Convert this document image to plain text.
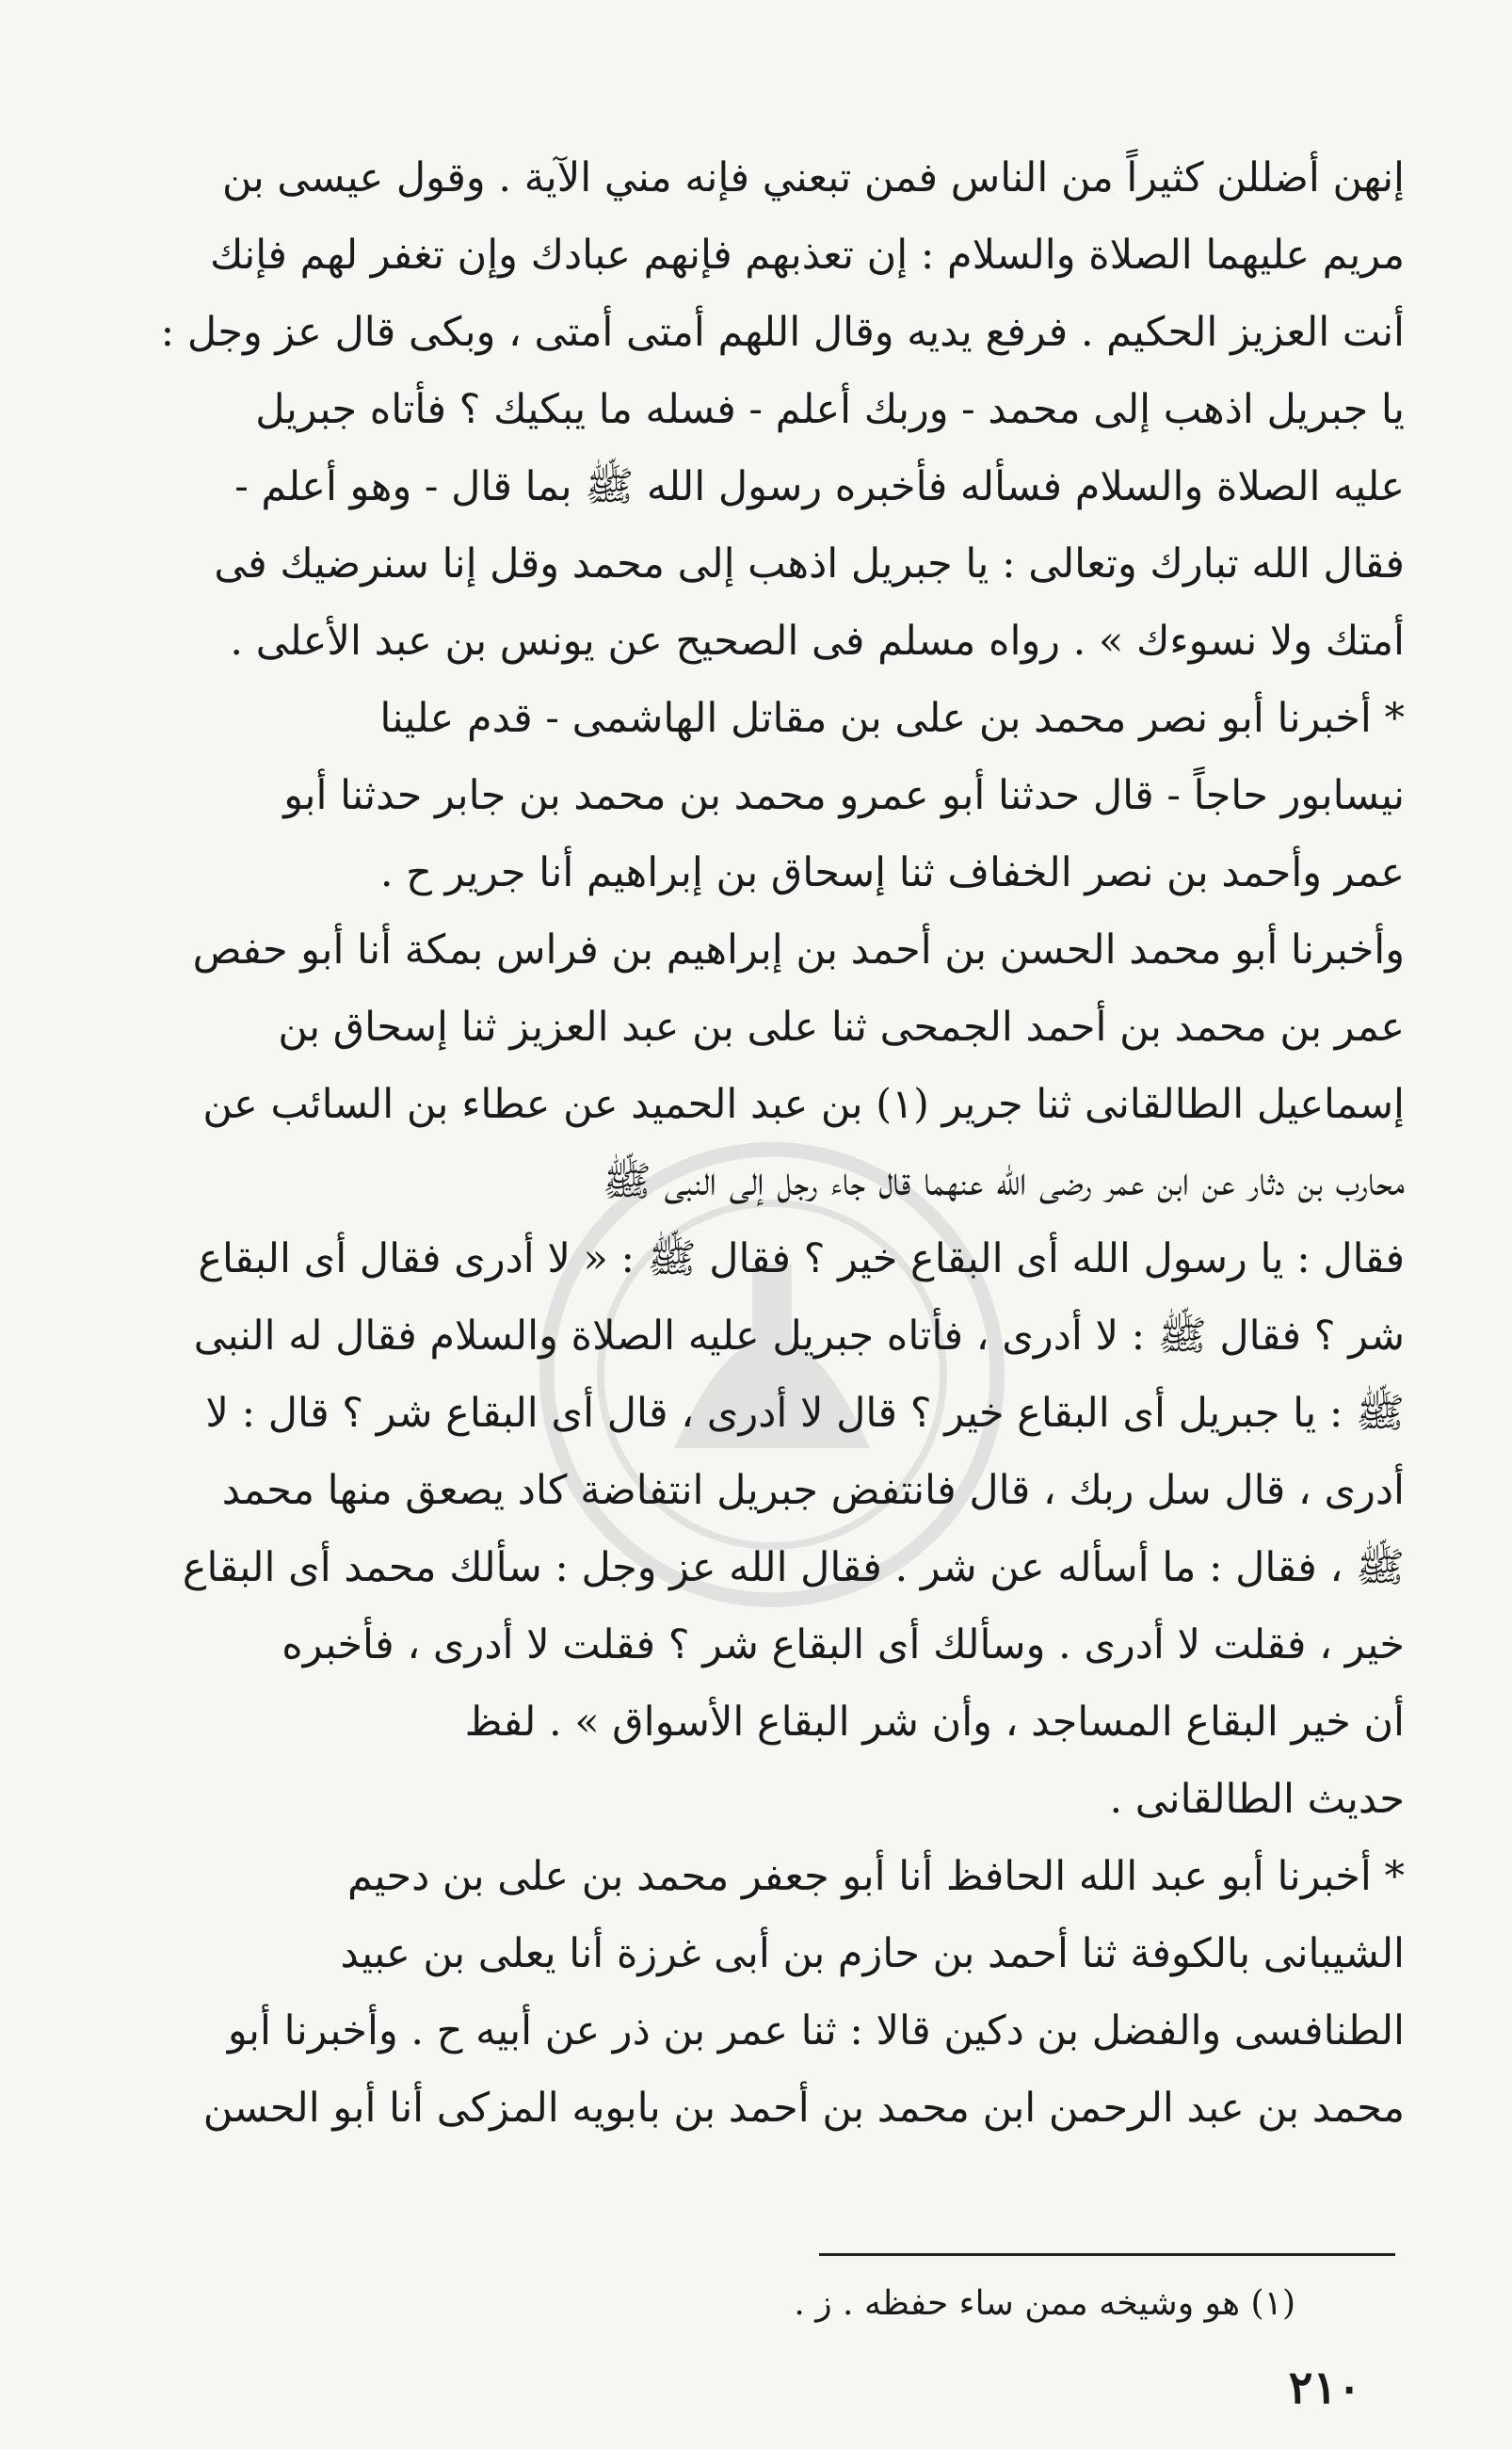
إنهن أضللن كثيراً من الناس فمن تبعني فإنه مني الآية . وقول عيسى بن
مريم عليهما الصلاة والسلام : إن تعذبهم فإنهم عبادك وإن تغفر لهم فإنك
أنت العزيز الحكيم . فرفع يديه وقال اللهم أمتى أمتى ، وبكى قال عز وجل :
يا جبريل اذهب إلى محمد - وربك أعلم - فسله ما يبكيك ؟ فأتاه جبريل
عليه الصلاة والسلام فسأله فأخبره رسول الله ﷺ بما قال - وهو أعلم -
فقال الله تبارك وتعالى : يا جبريل اذهب إلى محمد وقل إنا سنرضيك فى
أمتك ولا نسوءك » . رواه مسلم فى الصحيح عن يونس بن عبد الأعلى .
* أخبرنا أبو نصر محمد بن على بن مقاتل الهاشمى - قدم علينا
نيسابور حاجاً - قال حدثنا أبو عمرو محمد بن محمد بن جابر حدثنا أبو
عمر وأحمد بن نصر الخفاف ثنا إسحاق بن إبراهيم أنا جرير ح .
وأخبرنا أبو محمد الحسن بن أحمد بن إبراهيم بن فراس بمكة أنا أبو حفص
عمر بن محمد بن أحمد الجمحى ثنا على بن عبد العزيز ثنا إسحاق بن
إسماعيل الطالقانى ثنا جرير (١) بن عبد الحميد عن عطاء بن السائب عن
محارب بن دثار عن ابن عمر رضى الله عنهما قال جاء رجل إلى النبى ﷺ
فقال : يا رسول الله أى البقاع خير ؟ فقال ﷺ : « لا أدرى فقال أى البقاع
شر ؟ فقال ﷺ : لا أدرى ، فأتاه جبريل عليه الصلاة والسلام فقال له النبى
ﷺ : يا جبريل أى البقاع خير ؟ قال لا أدرى ، قال أى البقاع شر ؟ قال : لا
أدرى ، قال سل ربك ، قال فانتفض جبريل انتفاضة كاد يصعق منها محمد
ﷺ ، فقال : ما أسأله عن شر . فقال الله عز وجل : سألك محمد أى البقاع
خير ، فقلت لا أدرى . وسألك أى البقاع شر ؟ فقلت لا أدرى ، فأخبره
أن خير البقاع المساجد ، وأن شر البقاع الأسواق » . لفظ
حديث الطالقانى .
* أخبرنا أبو عبد الله الحافظ أنا أبو جعفر محمد بن على بن دحيم
الشيبانى بالكوفة ثنا أحمد بن حازم بن أبى غرزة أنا يعلى بن عبيد
الطنافسى والفضل بن دكين قالا : ثنا عمر بن ذر عن أبيه ح . وأخبرنا أبو
محمد بن عبد الرحمن ابن محمد بن أحمد بن بابويه المزكى أنا أبو الحسن
(١) هو وشيخه ممن ساء حفظه . ز .
٢١٠
